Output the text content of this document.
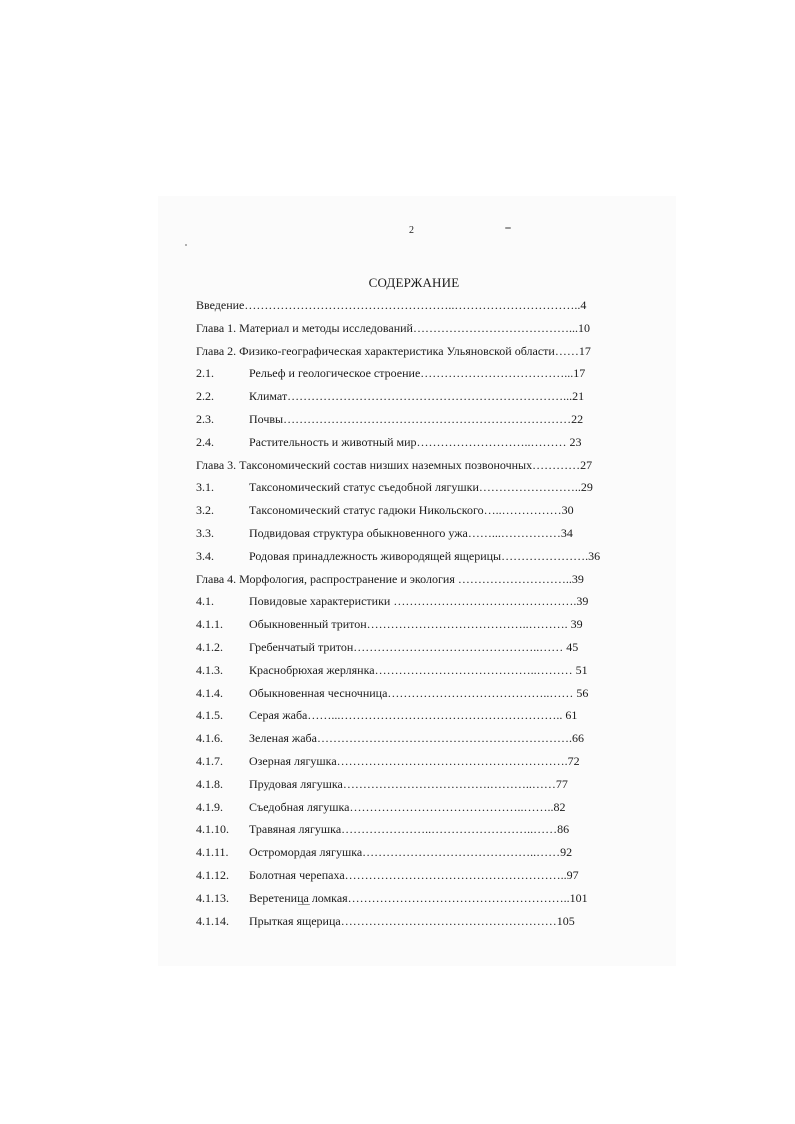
2
СОДЕРЖАНИЕ
Введение……………………………………………..…………………………..4
Глава 1. Материал и методы исследований…………………………………...10
Глава 2. Физико-географическая характеристика Ульяновской области……17
2.1.	Рельеф и геологическое строение………………………………...17
2.2.	Климат……………………………………………………………...21
2.3.	Почвы………………………………………………………………22
2.4.	Растительность и животный мир………………………..……… 23
Глава 3. Таксономический состав низших наземных позвоночных…………27
3.1.	Таксономический статус съедобной лягушки……………………..29
3.2.	Таксономический статус гадюки Никольского…..……………30
3.3.	Подвидовая структура обыкновенного ужа……...……………34
3.4.	Родовая принадлежность живородящей ящерицы………………….36
Глава 4. Морфология, распространение и экология ………………………..39
4.1.	Повидовые характеристики ……………………………………….39
4.1.1. Обыкновенный тритон…………………………………..………. 39
4.1.2. Гребенчатый тритон………………………………………..…… 45
4.1.3. Краснобрюхая жерлянка…………………………………..……… 51
4.1.4. Обыкновенная чесночница…………………………………..…… 56
4.1.5. Серая жаба……...……………………………………………….. 61
4.1.6. Зеленая жаба……………………………………………………….66
4.1.7. Озерная лягушка………………………………………………….72
4.1.8. Прудовая лягушка……………………………….………..……77
4.1.9. Съедобная лягушка……………………………………..……..82
4.1.10. Травяная лягушка…………………..……………………..……86
4.1.11. Остромордая лягушка……………………………………..……92
4.1.12. Болотная черепаха………………………………………………..97
4.1.13. Веретеница ломкая………………………………………………..101
4.1.14. Прыткая ящерица………………………………………………105
